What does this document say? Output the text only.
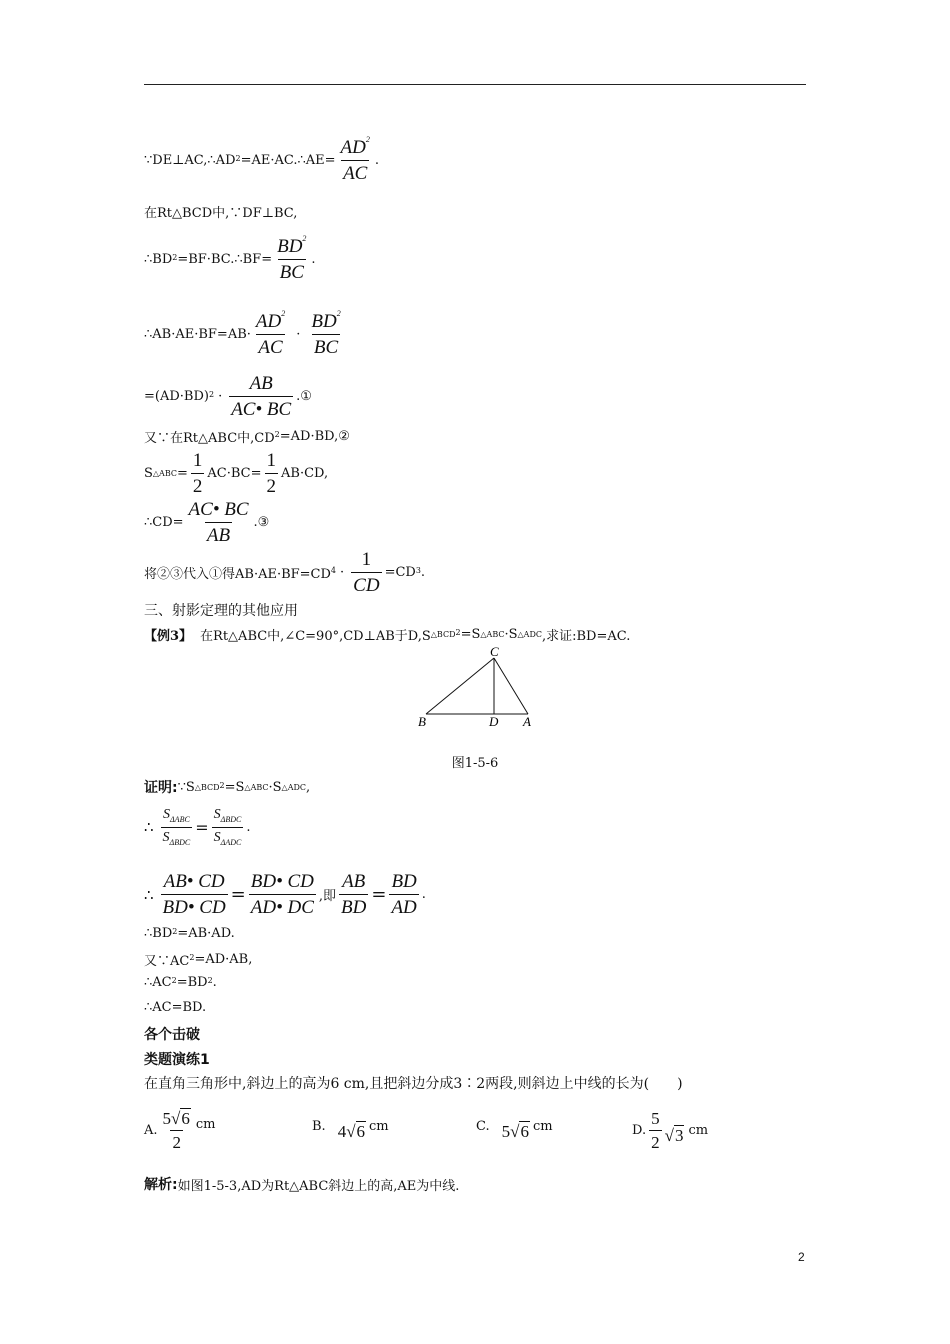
$\because DE\perp AC,\therefore AD^2$ =AE·AC.∴AE= $\frac{AD^2}{AC}$ .
在Rt△BCD中,∵DF⊥BC,
$\therefore BD^2$ =BF·BC.∴BF= $\frac{BD^2}{BC}$ .
∴AB·AE·BF=AB· $\frac{AD^2}{AC} \cdot \frac{BD^2}{BC}$
$=(AD\cdot BD)^2 \cdot \frac{AB}{AC• BC}$ .①
又∵在Rt△ABC中$,CD^2$ =AD·BD,②
S △ABC = $\frac{1}{2} AC\cdot BC= \frac{1}{2} AB\cdot CD$,
∴CD= $\frac{AC• BC}{AB}$ .③
将②③代入①得$AB\cdot AE\cdot BF=CD^4 \cdot \frac{1}{CD} =CD^3$ .
三、射影定理的其他应用
【例3】 在Rt△ABC中,∠C=90°,CD⊥AB于D,S $\triangle BCD^2 =S$ △ABC ·S △ADC ,求证:BD=AC.
C
B	D A
图1-5-6
证明: ∵S $\triangle BCD^2 =S$ △ABC ·S △ADC ,
∴ $\frac{S_{\Delta ABC}}{S_{\Delta BDC}} = \frac{S_{\Delta BDC}}{S_{\Delta ADC}}$ .
∴ $\frac{AB• CD}{BD• CD} = \frac{BD• CD}{AD• DC}$ ,即 $\frac{AB}{BD} = \frac{BD}{AD}$ .
$\therefore BD^2 =AB\cdot AD$.
又$\because AC^2 =AD\cdot AB$,
$\therefore AC^2 =BD^2$ .
∴AC=BD.
各个击破
类题演练1
在直角三角形中,斜边上的高为6 cm,且把斜边分成3∶2两段,则斜边上中线的长为(　　)
A. $\frac{5√6}{2}$ cm	B. 4√6 cm	C. 5√6 cm	D. $\frac{5}{2} √3$ cm
解析: 如图1-5-3,AD为Rt△ABC斜边上的高,AE为中线.
2
